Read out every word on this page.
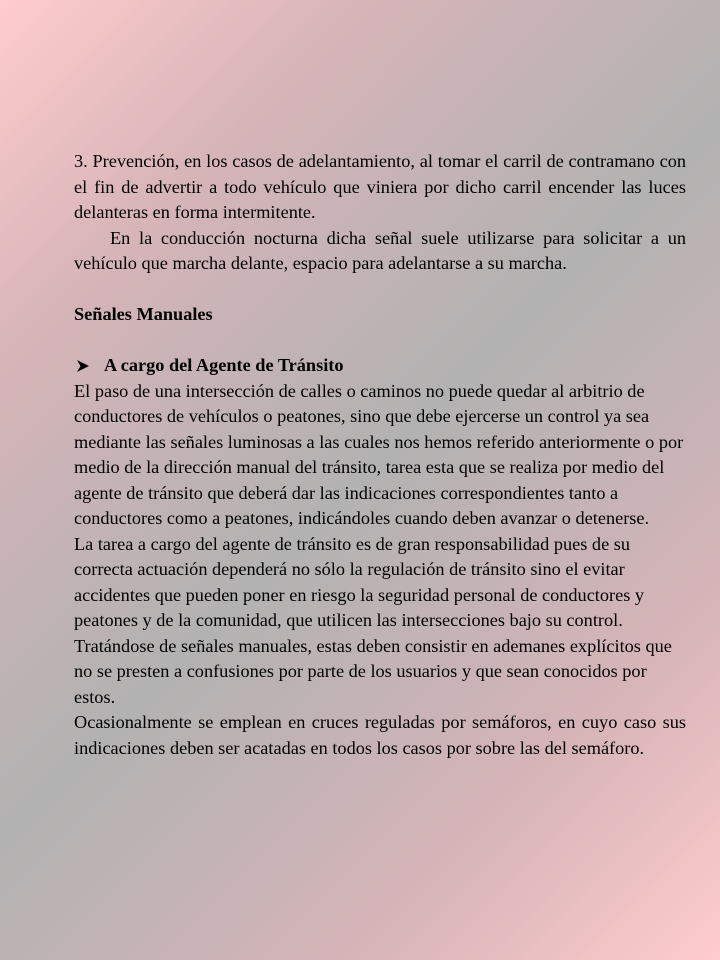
3. Prevención, en los casos de adelantamiento, al tomar el carril de contramano con el fin de advertir a todo vehículo que viniera por dicho carril encender las luces delanteras en forma intermitente.

En la conducción nocturna dicha señal suele utilizarse para solicitar a un vehículo que marcha delante, espacio para adelantarse a su marcha.

Señales Manuales

A cargo del Agente de Tránsito

El paso de una intersección de calles o caminos no puede quedar al arbitrio de conductores de vehículos o peatones, sino que debe ejercerse un control ya sea mediante las señales luminosas a las cuales nos hemos referido anteriormente o por medio de la dirección manual del tránsito, tarea esta que se realiza por medio del agente de tránsito que deberá dar las indicaciones correspondientes tanto a conductores como a peatones, indicándoles cuando deben avanzar o detenerse.

La tarea a cargo del agente de tránsito es de gran responsabilidad pues de su correcta actuación dependerá no sólo la regulación de tránsito sino el evitar accidentes que pueden poner en riesgo la seguridad personal de conductores y peatones y de la comunidad, que utilicen las intersecciones bajo su control.

Tratándose de señales manuales, estas deben consistir en ademanes explícitos que no se presten a confusiones por parte de los usuarios y que sean conocidos por estos.

Ocasionalmente se emplean en cruces reguladas por semáforos, en cuyo caso sus indicaciones deben ser acatadas en todos los casos por sobre las del semáforo.
